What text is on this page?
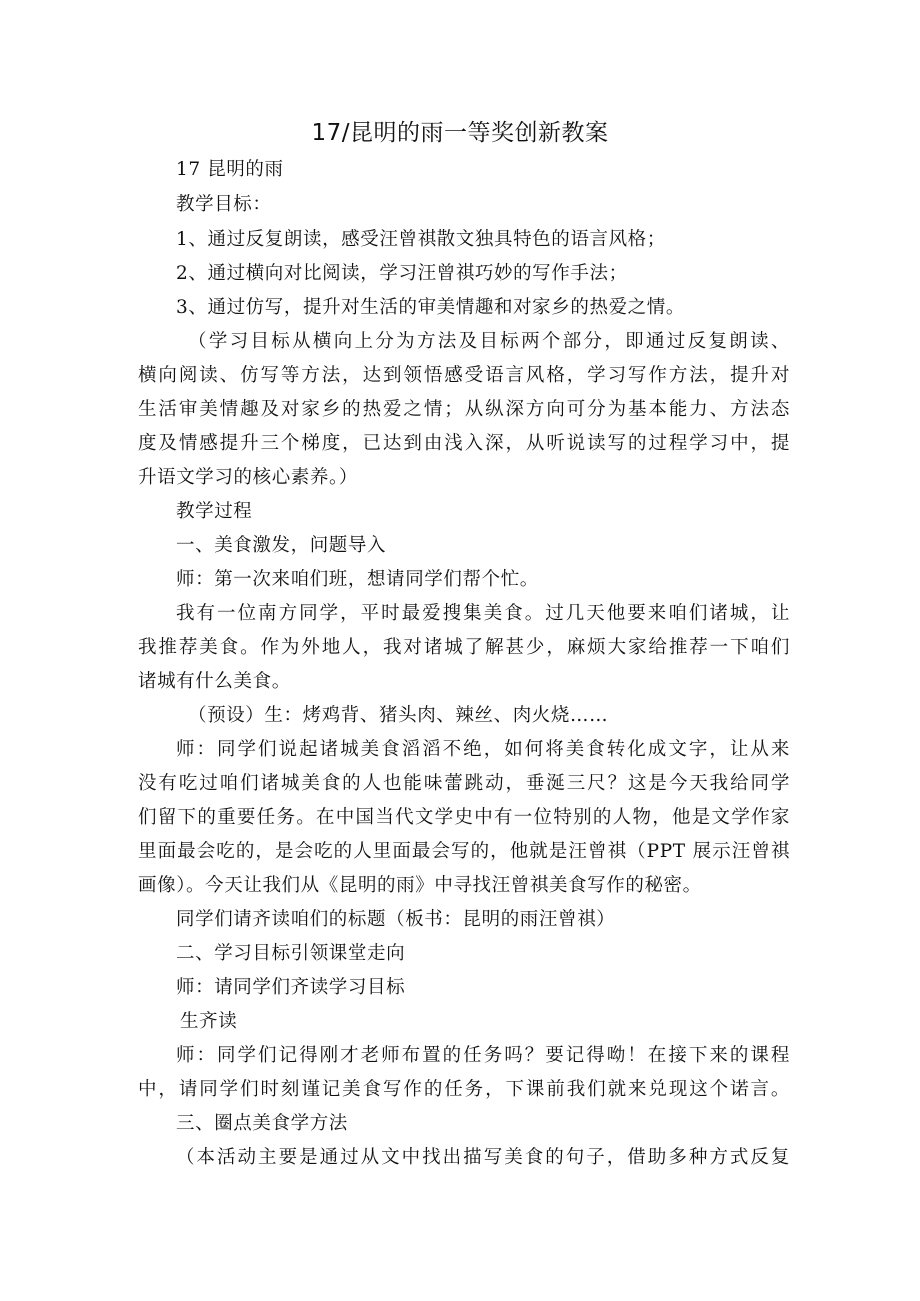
17/昆明的雨一等奖创新教案
17 昆明的雨
教学目标：
1、通过反复朗读，感受汪曾祺散文独具特色的语言风格；
2、通过横向对比阅读，学习汪曾祺巧妙的写作手法；
3、通过仿写，提升对生活的审美情趣和对家乡的热爱之情。
（学习目标从横向上分为方法及目标两个部分，即通过反复朗读、
横向阅读、仿写等方法，达到领悟感受语言风格，学习写作方法，提升对
生活审美情趣及对家乡的热爱之情；从纵深方向可分为基本能力、方法态
度及情感提升三个梯度，已达到由浅入深，从听说读写的过程学习中，提
升语文学习的核心素养。）
教学过程
一、美食激发，问题导入
师：第一次来咱们班，想请同学们帮个忙。
我有一位南方同学，平时最爱搜集美食。过几天他要来咱们诸城，让
我推荐美食。作为外地人，我对诸城了解甚少，麻烦大家给推荐一下咱们
诸城有什么美食。
（预设）生：烤鸡背、猪头肉、辣丝、肉火烧……
师：同学们说起诸城美食滔滔不绝，如何将美食转化成文字，让从来
没有吃过咱们诸城美食的人也能味蕾跳动，垂涎三尺？这是今天我给同学
们留下的重要任务。在中国当代文学史中有一位特别的人物，他是文学作家
里面最会吃的，是会吃的人里面最会写的，他就是汪曾祺（PPT 展示汪曾祺
画像）。今天让我们从《昆明的雨》中寻找汪曾祺美食写作的秘密。
同学们请齐读咱们的标题（板书：昆明的雨汪曾祺）
二、学习目标引领课堂走向
师：请同学们齐读学习目标
生齐读
师：同学们记得刚才老师布置的任务吗？要记得呦！在接下来的课程
中，请同学们时刻谨记美食写作的任务，下课前我们就来兑现这个诺言。
三、圈点美食学方法
（本活动主要是通过从文中找出描写美食的句子，借助多种方式反复
